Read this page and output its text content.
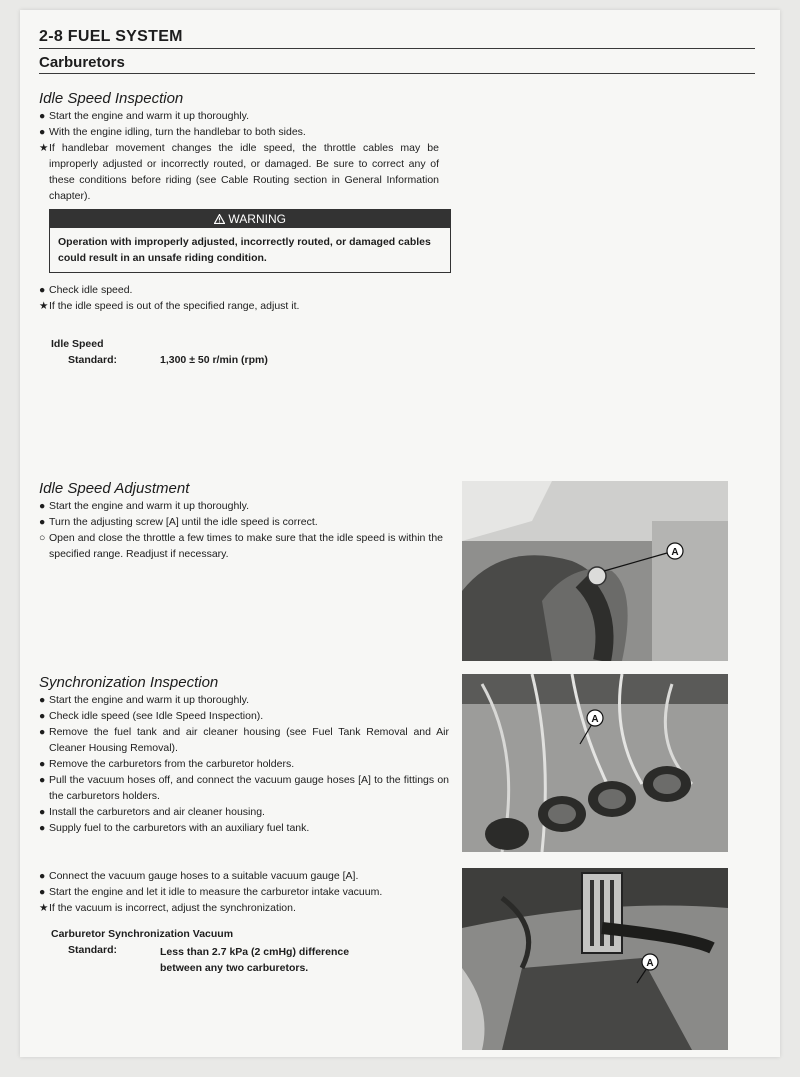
2-8 FUEL SYSTEM
Carburetors
Idle Speed Inspection
● Start the engine and warm it up thoroughly.
● With the engine idling, turn the handlebar to both sides.
★ If handlebar movement changes the idle speed, the throttle cables may be improperly adjusted or incorrectly routed, or damaged. Be sure to correct any of these conditions before riding (see Cable Routing section in General Information chapter).
WARNING
Operation with improperly adjusted, incorrectly routed, or damaged cables could result in an unsafe riding condition.
● Check idle speed.
★If the idle speed is out of the specified range, adjust it.
Idle Speed
Standard:	1,300 ± 50 r/min (rpm)
Idle Speed Adjustment
● Start the engine and warm it up thoroughly.
● Turn the adjusting screw [A] until the idle speed is correct.
○ Open and close the throttle a few times to make sure that the idle speed is within the specified range. Readjust if necessary.	A
Synchronization Inspection
● Start the engine and warm it up thoroughly.
● Check idle speed (see Idle Speed Inspection).
● Remove the fuel tank and air cleaner housing (see Fuel Tank Removal and Air Cleaner Housing Removal).
● Remove the carburetors from the carburetor holders.
● Pull the vacuum hoses off, and connect the vacuum gauge hoses [A] to the fittings on the carburetors holders.
● Install the carburetors and air cleaner housing.
● Supply fuel to the carburetors with an auxiliary fuel tank.
A
● Connect the vacuum gauge hoses to a suitable vacuum gauge [A].
● Start the engine and let it idle to measure the carburetor intake vacuum.
★If the vacuum is incorrect, adjust the synchronization.
Carburetor Synchronization Vacuum
Standard:	Less than 2.7 kPa (2 cmHg) difference
between any two carburetors.	A
